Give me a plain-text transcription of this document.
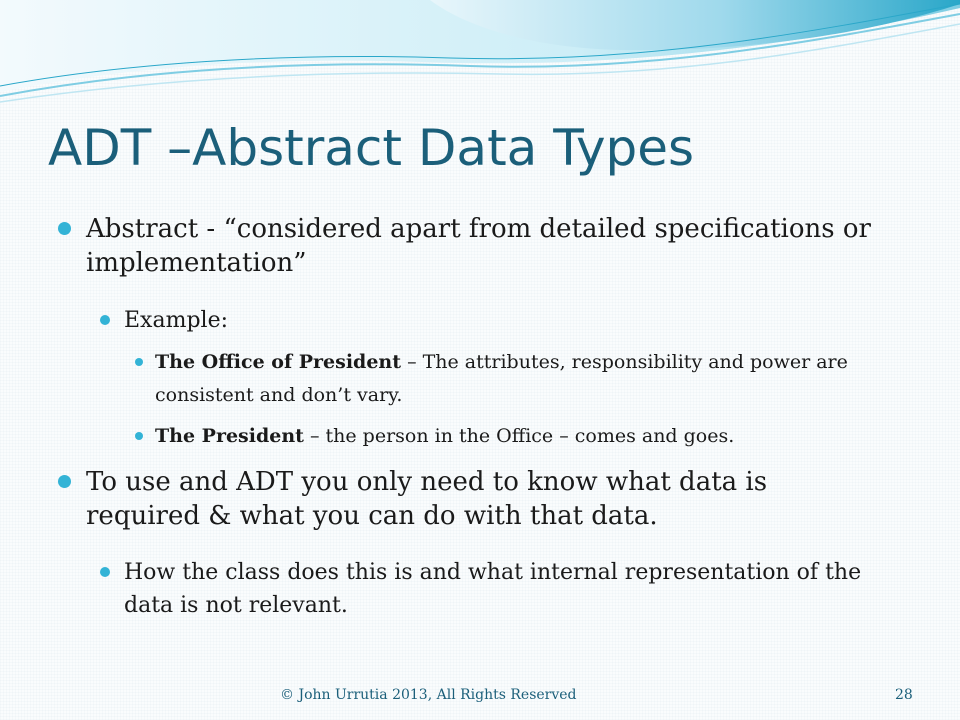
ADT –Abstract Data Types
Abstract - “considered apart from detailed specifications or implementation”
Example:
The Office of President – The attributes, responsibility and power are consistent and don’t vary.
The President – the person in the Office – comes and goes.
To use and ADT you only need to know what data is required & what you can do with that data.
How the class does this is and what internal representation of the data is not relevant.
© John Urrutia 2013, All Rights Reserved	28
